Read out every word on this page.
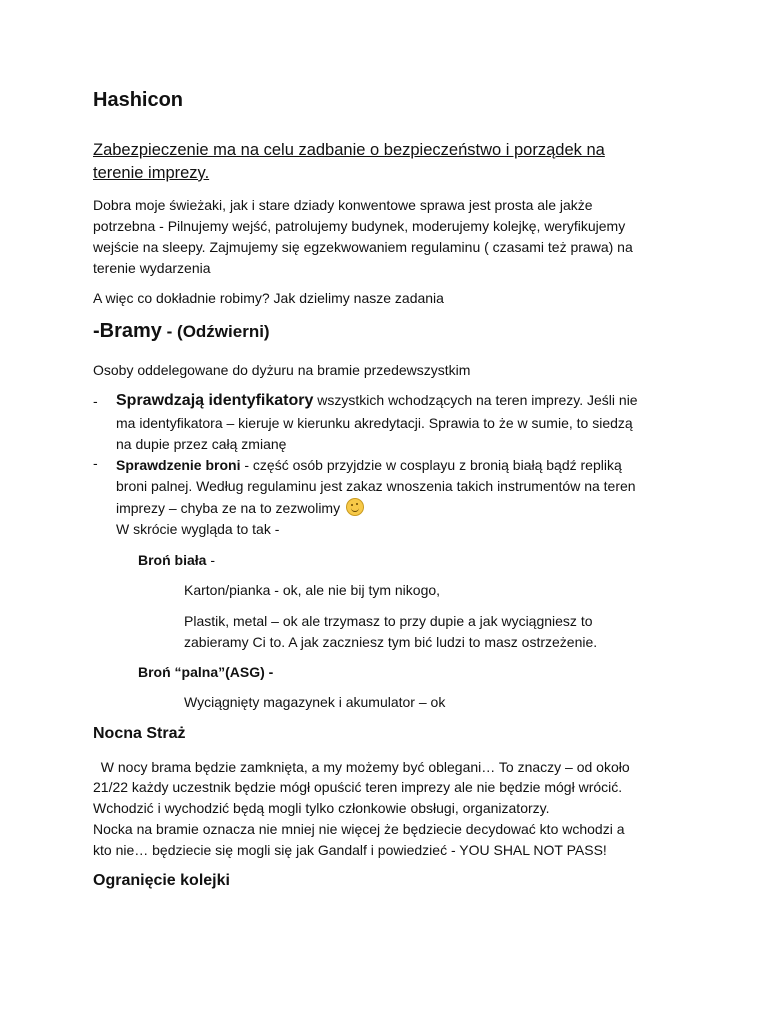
Hashicon
Zabezpieczenie ma na celu zadbanie o bezpieczeństwo i porządek na
terenie imprezy.
Dobra moje świeżaki, jak i stare dziady konwentowe sprawa jest prosta ale jakże
potrzebna - Pilnujemy wejść, patrolujemy budynek, moderujemy kolejkę, weryfikujemy
wejście na sleepy. Zajmujemy się egzekwowaniem regulaminu ( czasami też prawa) na
terenie wydarzenia
A więc co dokładnie robimy? Jak dzielimy nasze zadania
-Bramy - (Odźwierni)
Osoby oddelegowane do dyżuru na bramie przedewszystkim
- Sprawdzają identyfikatory wszystkich wchodzących na teren imprezy. Jeśli nie
ma identyfikatora – kieruje w kierunku akredytacji. Sprawia to że w sumie, to siedzą
na dupie przez całą zmianę
- Sprawdzenie broni - część osób przyjdzie w cosplayu z bronią białą bądź repliką
broni palnej. Według regulaminu jest zakaz wnoszenia takich instrumentów na teren
imprezy – chyba ze na to zezwolimy
W skrócie wygląda to tak -
Broń biała -
Karton/pianka - ok, ale nie bij tym nikogo,
Plastik, metal – ok ale trzymasz to przy dupie a jak wyciągniesz to
zabieramy Ci to. A jak zaczniesz tym bić ludzi to masz ostrzeżenie.
Broń “palna”(ASG) -
Wyciągnięty magazynek i akumulator – ok
Nocna Straż
W nocy brama będzie zamknięta, a my możemy być oblegani… To znaczy – od około
21/22 każdy uczestnik będzie mógł opuścić teren imprezy ale nie będzie mógł wrócić.
Wchodzić i wychodzić będą mogli tylko członkowie obsługi, organizatorzy.
Nocka na bramie oznacza nie mniej nie więcej że będziecie decydować kto wchodzi a
kto nie… będziecie się mogli się jak Gandalf i powiedzieć - YOU SHAL NOT PASS!
Ogranięcie kolejki
